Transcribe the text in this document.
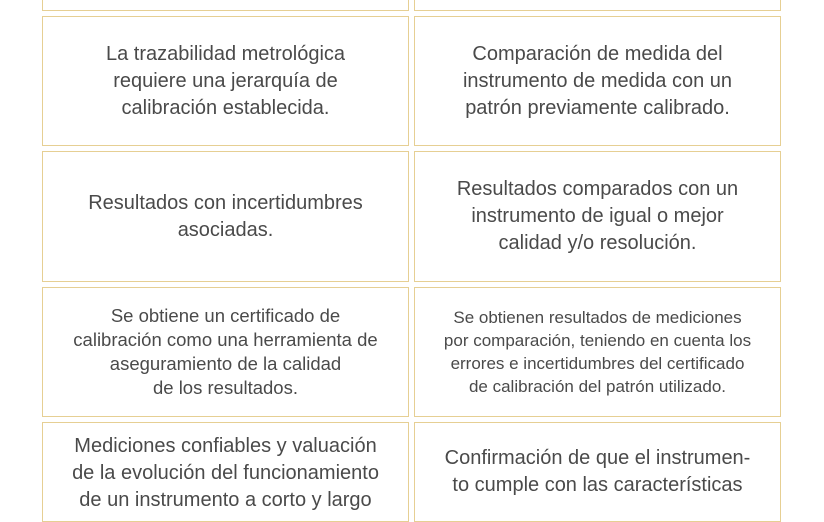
La trazabilidad metrológica
requiere una jerarquía de
calibración establecida.

Comparación de medida del
instrumento de medida con un
patrón previamente calibrado.

Resultados con incertidumbres
asociadas.

Resultados comparados con un
instrumento de igual o mejor
calidad y/o resolución.

Se obtiene un certificado de
calibración como una herramienta de
aseguramiento de la calidad
de los resultados.

Se obtienen resultados de mediciones
por comparación, teniendo en cuenta los
errores e incertidumbres del certificado
de calibración del patrón utilizado.

Mediciones confiables y valuación
de la evolución del funcionamiento
de un instrumento a corto y largo

Confirmación de que el instrumen-
to cumple con las características
